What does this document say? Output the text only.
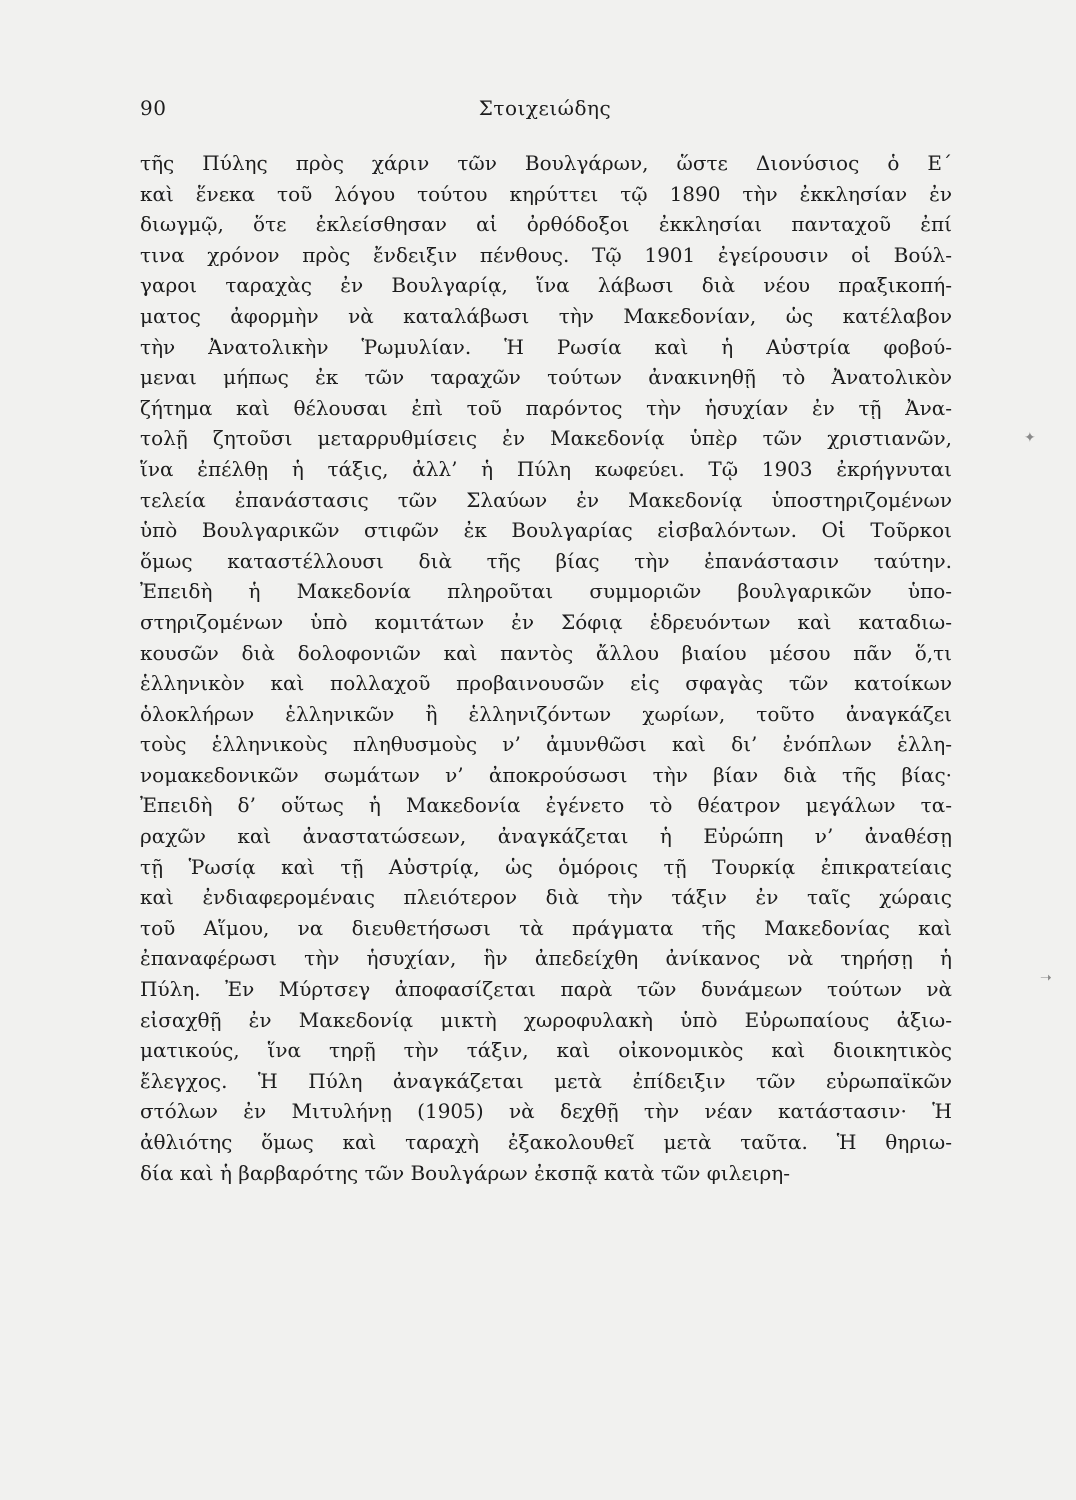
90	Στοιχειώδης
τῆς Πύλης πρὸς χάριν τῶν Βουλγάρων, ὥστε Διονύσιος ὁ Ε΄
καὶ ἕνεκα τοῦ λόγου τούτου κηρύττει τῷ 1890 τὴν ἐκκλησίαν ἐν
διωγμῷ, ὅτε ἐκλείσθησαν αἱ ὀρθόδοξοι ἐκκλησίαι πανταχοῦ ἐπί
τινα χρόνον πρὸς ἔνδειξιν πένθους. Τῷ 1901 ἐγείρουσιν οἱ Βούλ-
γαροι ταραχὰς ἐν Βουλγαρίᾳ, ἵνα λάβωσι διὰ νέου πραξικοπή-
ματος ἀφορμὴν νὰ καταλάβωσι τὴν Μακεδονίαν, ὡς κατέλαβον
τὴν Ἀνατολικὴν Ῥωμυλίαν. Ἡ Ρωσία καὶ ἡ Αὐστρία φοβού-
μεναι μήπως ἐκ τῶν ταραχῶν τούτων ἀνακινηθῇ τὸ Ἀνατολικὸν
ζήτημα καὶ θέλουσαι ἐπὶ τοῦ παρόντος τὴν ἡσυχίαν ἐν τῇ Ἀνα-
τολῇ ζητοῦσι μεταρρυθμίσεις ἐν Μακεδονίᾳ ὑπὲρ τῶν χριστιανῶν,
ἵνα ἐπέλθῃ ἡ τάξις, ἀλλ’ ἡ Πύλη κωφεύει. Τῷ 1903 ἐκρήγνυται
τελεία ἐπανάστασις τῶν Σλαύων ἐν Μακεδονίᾳ ὑποστηριζομένων
ὑπὸ Βουλγαρικῶν στιφῶν ἐκ Βουλγαρίας εἰσβαλόντων. Οἱ Τοῦρκοι
ὅμως καταστέλλουσι διὰ τῆς βίας τὴν ἐπανάστασιν ταύτην.
Ἐπειδὴ ἡ Μακεδονία πληροῦται συμμοριῶν βουλγαρικῶν ὑπο-
στηριζομένων ὑπὸ κομιτάτων ἐν Σόφιᾳ ἑδρευόντων καὶ καταδιω-
κουσῶν διὰ δολοφονιῶν καὶ παντὸς ἄλλου βιαίου μέσου πᾶν ὅ,τι
ἑλληνικὸν καὶ πολλαχοῦ προβαινουσῶν εἰς σφαγὰς τῶν κατοίκων
ὁλοκλήρων ἑλληνικῶν ἢ ἑλληνιζόντων χωρίων, τοῦτο ἀναγκάζει
τοὺς ἑλληνικοὺς πληθυσμοὺς ν’ ἀμυνθῶσι καὶ δι’ ἐνόπλων ἑλλη-
νομακεδονικῶν σωμάτων ν’ ἀποκρούσωσι τὴν βίαν διὰ τῆς βίας·
Ἐπειδὴ δ’ οὕτως ἡ Μακεδονία ἐγένετο τὸ θέατρον μεγάλων τα-
ραχῶν καὶ ἀναστατώσεων, ἀναγκάζεται ἡ Εὐρώπη ν’ ἀναθέσῃ
τῇ Ῥωσίᾳ καὶ τῇ Αὐστρίᾳ, ὡς ὁμόροις τῇ Τουρκίᾳ ἐπικρατείαις
καὶ ἐνδιαφερομέναις πλειότερον διὰ τὴν τάξιν ἐν ταῖς χώραις
τοῦ Αἵμου, να διευθετήσωσι τὰ πράγματα τῆς Μακεδονίας καὶ
ἐπαναφέρωσι τὴν ἡσυχίαν, ἣν ἀπεδείχθη ἀνίκανος νὰ τηρήσῃ ἡ
Πύλη. Ἐν Μύρτσεγ ἀποφασίζεται παρὰ τῶν δυνάμεων τούτων νὰ
εἰσαχθῇ ἐν Μακεδονίᾳ μικτὴ χωροφυλακὴ ὑπὸ Εὐρωπαίους ἀξιω-
ματικούς, ἵνα τηρῇ τὴν τάξιν, καὶ οἰκονομικὸς καὶ διοικητικὸς
ἔλεγχος. Ἡ Πύλη ἀναγκάζεται μετὰ ἐπίδειξιν τῶν εὐρωπαϊκῶν
στόλων ἐν Μιτυλήνῃ (1905) νὰ δεχθῇ τὴν νέαν κατάστασιν· Ἡ
ἀθλιότης ὅμως καὶ ταραχὴ ἐξακολουθεῖ μετὰ ταῦτα. Ἡ θηριω-
δία καὶ ἡ βαρβαρότης τῶν Βουλγάρων ἐκσπᾷ κατὰ τῶν φιλειρη-
✦
➝
